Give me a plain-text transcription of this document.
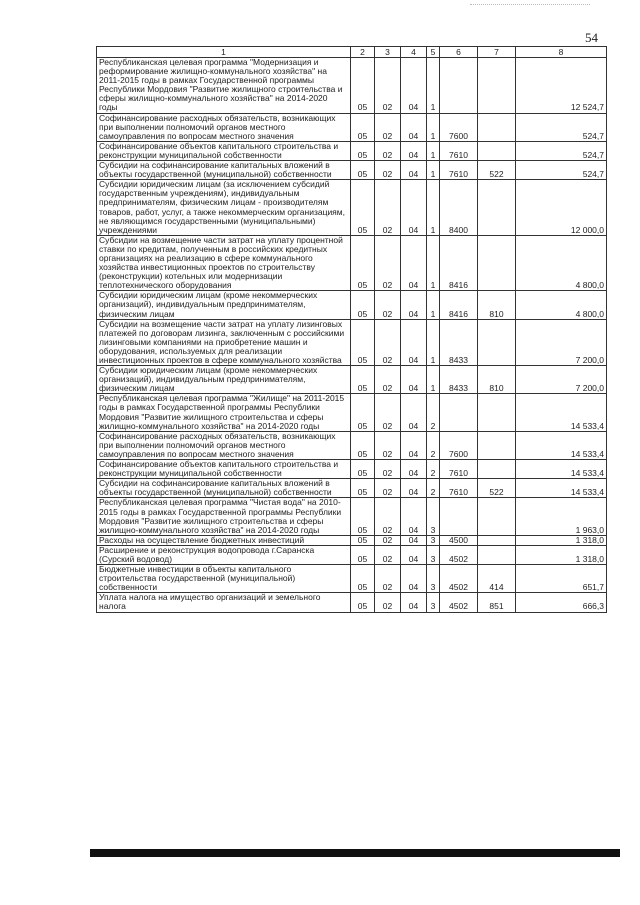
54
1	2	3	4	5	6	7	8
Республиканская целевая программа "Модернизация и реформирование жилищно-коммунального хозяйства" на 2011-2015 годы в рамках Государственной программы Республики Мордовия "Развитие жилищного строительства и сферы жилищно-коммунального хозяйства" на 2014-2020 годы	05	02	04	1			12 524,7
Софинансирование расходных обязательств, возникающих при выполнении полномочий органов местного самоуправления по вопросам местного значения	05	02	04	1	7600		524,7
Софинансирование объектов капитального строительства и реконструкции муниципальной собственности	05	02	04	1	7610		524,7
Субсидии на софинансирование капитальных вложений в объекты государственной (муниципальной) собственности	05	02	04	1	7610	522	524,7
Субсидии юридическим лицам (за исключением субсидий государственным учреждениям), индивидуальным предпринимателям, физическим лицам - производителям товаров, работ, услуг, а также некоммерческим организациям, не являющимся государственными (муниципальными) учреждениями	05	02	04	1	8400		12 000,0
Субсидии на возмещение части затрат на уплату процентной ставки по кредитам, полученным в российских кредитных организациях на реализацию в сфере коммунального хозяйства инвестиционных проектов по строительству (реконструкции) котельных или модернизации теплотехнического оборудования	05	02	04	1	8416		4 800,0
Субсидии юридическим лицам (кроме некоммерческих организаций), индивидуальным предпринимателям, физическим лицам	05	02	04	1	8416	810	4 800,0
Субсидии на возмещение части затрат на уплату лизинговых платежей по договорам лизинга, заключенным с российскими лизинговыми компаниями на приобретение машин и оборудования, используемых для реализации инвестиционных проектов в сфере коммунального хозяйства	05	02	04	1	8433		7 200,0
Субсидии юридическим лицам (кроме некоммерческих организаций), индивидуальным предпринимателям, физическим лицам	05	02	04	1	8433	810	7 200,0
Республиканская целевая программа "Жилище" на 2011-2015 годы в рамках Государственной программы Республики Мордовия "Развитие жилищного строительства и сферы жилищно-коммунального хозяйства" на 2014-2020 годы	05	02	04	2			14 533,4
Софинансирование расходных обязательств, возникающих при выполнении полномочий органов местного самоуправления по вопросам местного значения	05	02	04	2	7600		14 533,4
Софинансирование объектов капитального строительства и реконструкции муниципальной собственности	05	02	04	2	7610		14 533,4
Субсидии на софинансирование капитальных вложений в объекты государственной (муниципальной) собственности	05	02	04	2	7610	522	14 533,4
Республиканская целевая программа "Чистая вода" на 2010-2015 годы в рамках Государственной программы Республики Мордовия "Развитие жилищного строительства и сферы жилищно-коммунального хозяйства" на 2014-2020 годы	05	02	04	3			1 963,0
Расходы на осуществление бюджетных инвестиций	05	02	04	3	4500		1 318,0
Расширение и реконструкция водопровода г.Саранска (Сурский водовод)	05	02	04	3	4502		1 318,0
Бюджетные инвестиции в объекты капитального строительства государственной (муниципальной) собственности	05	02	04	3	4502	414	651,7
Уплата налога на имущество организаций и земельного налога	05	02	04	3	4502	851	666,3
